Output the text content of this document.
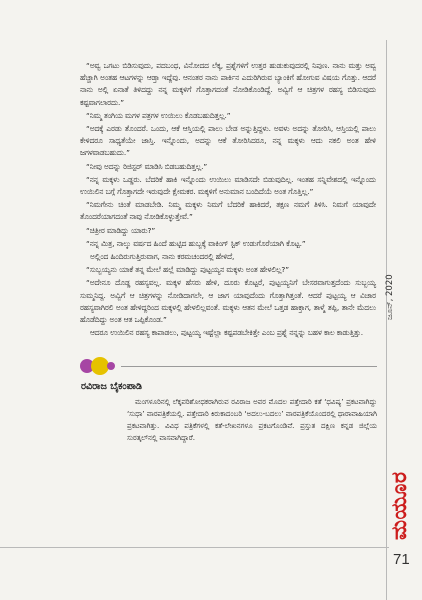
“ಅವ್ವ ಒಗಟು ಬಿಡಿಸುವುದು, ಪದಬಂಧ, ವಿನೋದದ ಲೆಕ್ಕ, ಪ್ರಶ್ನೆಗಳಿಗೆ ಉತ್ತರ ಹುಡುಕುವುದರಲ್ಲಿ ನಿಪುಣ. ನಾನು ಮತ್ತು ಅವ್ವ ಹೆಚ್ಚಾಗಿ ಅಂತಹ ಆಟಗಳನ್ನು ಆಡ್ತಾ ಇದ್ದೆವು. ಆನಂತರ ನಾನು ಪಾರ್ಕಿನ ಎದುರಿಗಿರುವ ಬ್ಯಾಂಕಿಗೆ ಹೋಗುವ ವಿಷಯ ಗೊತ್ತು. ಆದರೆ ನಾನು ಅಲ್ಲಿ ಏನಾತೆ ತಿಳಿದದ್ದು ನನ್ನ ಮಕ್ಕಳಿಗೆ ಗೊತ್ತಾಗದಂತೆ ನೋಡಿಕೊಂಡಿದ್ದೆ. ಅವ್ವಿಗೆ ಆ ಚಿತ್ರಗಳ ರಹಸ್ಯ ಬಿಡಿಸುವುದು ಕಷ್ಟವಾಗಲಾರದು.”

“ನಿಮ್ಮ ತಂಗಿಯ ಮಗಳ ಪತ್ರಗಳ ಉಯಿಲು ಕೊಡಬಹುದಿತ್ತಲ್ಲ.”

“ಅದಕ್ಕೆ ಎರಡು ತೊಂದರೆ. ಒಂದು, ಆಕೆ ಆಸ್ತಿಯಲ್ಲಿ ಪಾಲು ಬೇಡ ಅನ್ನುತ್ತಿದ್ದಳು. ಅವಳು ಅದನ್ನು ತೋರಿಸಿ, ಆಸ್ತಿಯಲ್ಲಿ ಪಾಲು ಕೇಳಿದರೂ ಸಾಧ್ಯತೆಯೇ ಜಾಸ್ತಿ. ಇನ್ನೊಂದು, ಅದನ್ನು ಆಕೆ ತೋರಿಸಿದರೂ, ನನ್ನ ಮಕ್ಕಳು ಆದು ನಕಲಿ ಅಂತ ಹೇಳಿ ಜಗಳವಾಡಬಹುದು.”

“ನೀವು ಅದನ್ನು ರಿಜಿಸ್ಟರ್ ಮಾಡಿಸಿ ಬಿಡಬಹುದಿತ್ತಲ್ಲ.”

“ನನ್ನ ಮಕ್ಕಳು ಒಡ್ಡರು. ಬೆದರಿಕೆ ಹಾಕಿ ಇನ್ನೊಂದು ಉಯಿಲು ಮಾಡಿಸದೇ ಬಿಡುವುದಿಲ್ಲ. ಇಂತಹ ಸನ್ನಿವೇಶದಲ್ಲಿ ಇನ್ನೊಂದು ಉಯಿಲಿನ ಬಗ್ಗೆ ಗೊತ್ತಾಗದೇ ಇರುವುದೇ ಕ್ಷೇಮಕರ. ಮಕ್ಕಳಿಗೆ ಅನುಮಾನ ಬಂದಿದೆಯೆ ಅಂತ ಗೊತ್ತಿಲ್ಲ.”

“ನಿಮಗೇನು ಚಿಂತೆ ಮಾಡಬೇಡಿ. ನಿಮ್ಮ ಮಕ್ಕಳು ನಿಮಗೆ ಬೆದರಿಕೆ ಹಾಕಿದರೆ, ತಕ್ಷಣ ನಮಗೆ ತಿಳಿಸಿ. ನಿಮಗೆ ಯಾವುದೇ ತೊಂದರೆಯಾಗದಂತೆ ನಾವು ನೋಡಿಕೊಳ್ಳುತ್ತೇವೆ.”

“ಚಿತ್ರೀರ ಮಾಡಿದ್ದು ಯಾರು?”

“ನನ್ನ ಮಿತ್ರ, ನಾಲ್ಕು ವರ್ಷದ ಹಿಂದೆ ಹುಟ್ಟಿದ ಹುಬ್ಬಕ್ಕೆ ವಾಕಿಂಗ್ ಸ್ಟಿಕ್ ಉಡುಗೊರೆಯಾಗಿ ಕೊಟ್ಟ.”

ಅಲ್ಲಿಂದ ಹಿಂದಿರುಗುತ್ತಿರುವಾಗ, ನಾನು ಕರಮಚಂದರಲ್ಲಿ ಹೇಳಿದೆ,

“ಸುಬ್ಬಯ್ಯನು ಯಾಕೆ ತನ್ನ ಮೇಲೆ ಹಲ್ಲೆ ಮಾಡಿದ್ದು ಪುಟ್ಟಯ್ಯನ ಮಕ್ಕಳು ಅಂತ ಹೇಳಲಿಲ್ಲ?”

“ಅದೇನೂ ದೊಡ್ಡ ರಹಸ್ಯವಲ್ಲ. ಮಕ್ಕಳ ಹೆಸರು ಹೇಳಿ, ದೂರು ಕೊಟ್ಟರೆ, ಪುಟ್ಟಯ್ಯನಿಗೆ ಬೇಸರವಾಗುತ್ತದೆಂದು ಸುಬ್ಬಯ್ಯ ಸುಮ್ಮನಿದ್ದ. ಅವ್ವಿಗೆ ಆ ಚಿತ್ರಗಳನ್ನು ನೋಡಿದಾಗಲೇ, ಆ ಜಾಗ ಯಾವುದೆಂದು ಗೊತ್ತಾಗಿತ್ತಂತೆ. ಆದರೆ ಪುಟ್ಟಯ್ಯ ಆ ವಿಚಾರ ರಹಸ್ಯವಾಗಿರಲಿ ಅಂತ ಹೇಳಿದ್ದರಿಂದ ಮಕ್ಕಳಲ್ಲಿ ಹೇಳಲಿಲ್ಲವಂತೆ. ಮಕ್ಕಳು ಆತನ ಮೇಲೆ ಒತ್ತಡ ಹಾಕ್ತಾಗ, ತಾಳ್ಮೆ ತಪ್ಪಿ, ತಾನೇ ಮೆದಲು ಹೊಡೆದಿದ್ದು ಅಂತ ಆತ ಒಪ್ಪಿಕೊಂಡ.”

ಆದರೂ ಉಯಿಲಿನ ರಹಸ್ಯ ಕಾಪಾಡಲು, ಪುಟ್ಟಯ್ಯ ಇಷ್ಟೆಲ್ಲಾ ಕಷ್ಟಪಡಬೇಕಿತ್ತೇ ಎಂಬ ಪ್ರಶ್ನೆ ನನ್ನನ್ನು ಬಹಳ ಕಾಲ ಕಾಡುತ್ತಿತ್ತು.

ರವಿರಾಜ ಬೈಕಂಪಾಡಿ

ಮಂಗಳೂರಿನಲ್ಲಿ ಲೆಕ್ಕಪರಿಶೋಧಕರಾಗಿರುವ ರವಿರಾಜ ಅವರ ಮೊದಲ ಪತ್ತೇದಾರಿ ಕತೆ ‘ಧವಿಷ್ಯ’ ಪ್ರಕಟವಾಗಿದ್ದು ‘ಸುಧಾ’ ವಾರಪತ್ರಿಕೆಯಲ್ಲಿ. ಪತ್ತೇದಾರಿ ಕಿರುಕಾದಂಬರಿ ‘ಅದಲು-ಬದಲು’ ವಾರಪತ್ರಿಕೆಯೊಂದರಲ್ಲಿ ಧಾರಾವಾಹಿಯಾಗಿ ಪ್ರಕಟವಾಗಿತ್ತು. ವಿವಿಧ ಪತ್ರಿಕೆಗಳಲ್ಲಿ ಕತೆ-ಲೇಖನಗಳೂ ಪ್ರಕಟಗೊಂಡಿವೆ. ಪ್ರಸ್ತುತ ದಕ್ಷಿಣ ಕನ್ನಡ ಜಿಲ್ಲೆಯ ಸುರತ್ಕಲ್‌ನಲ್ಲಿ ವಾಸವಾಗಿದ್ದಾರೆ.

ಜೂನ್, 2020
ಮಯೂರ
71
